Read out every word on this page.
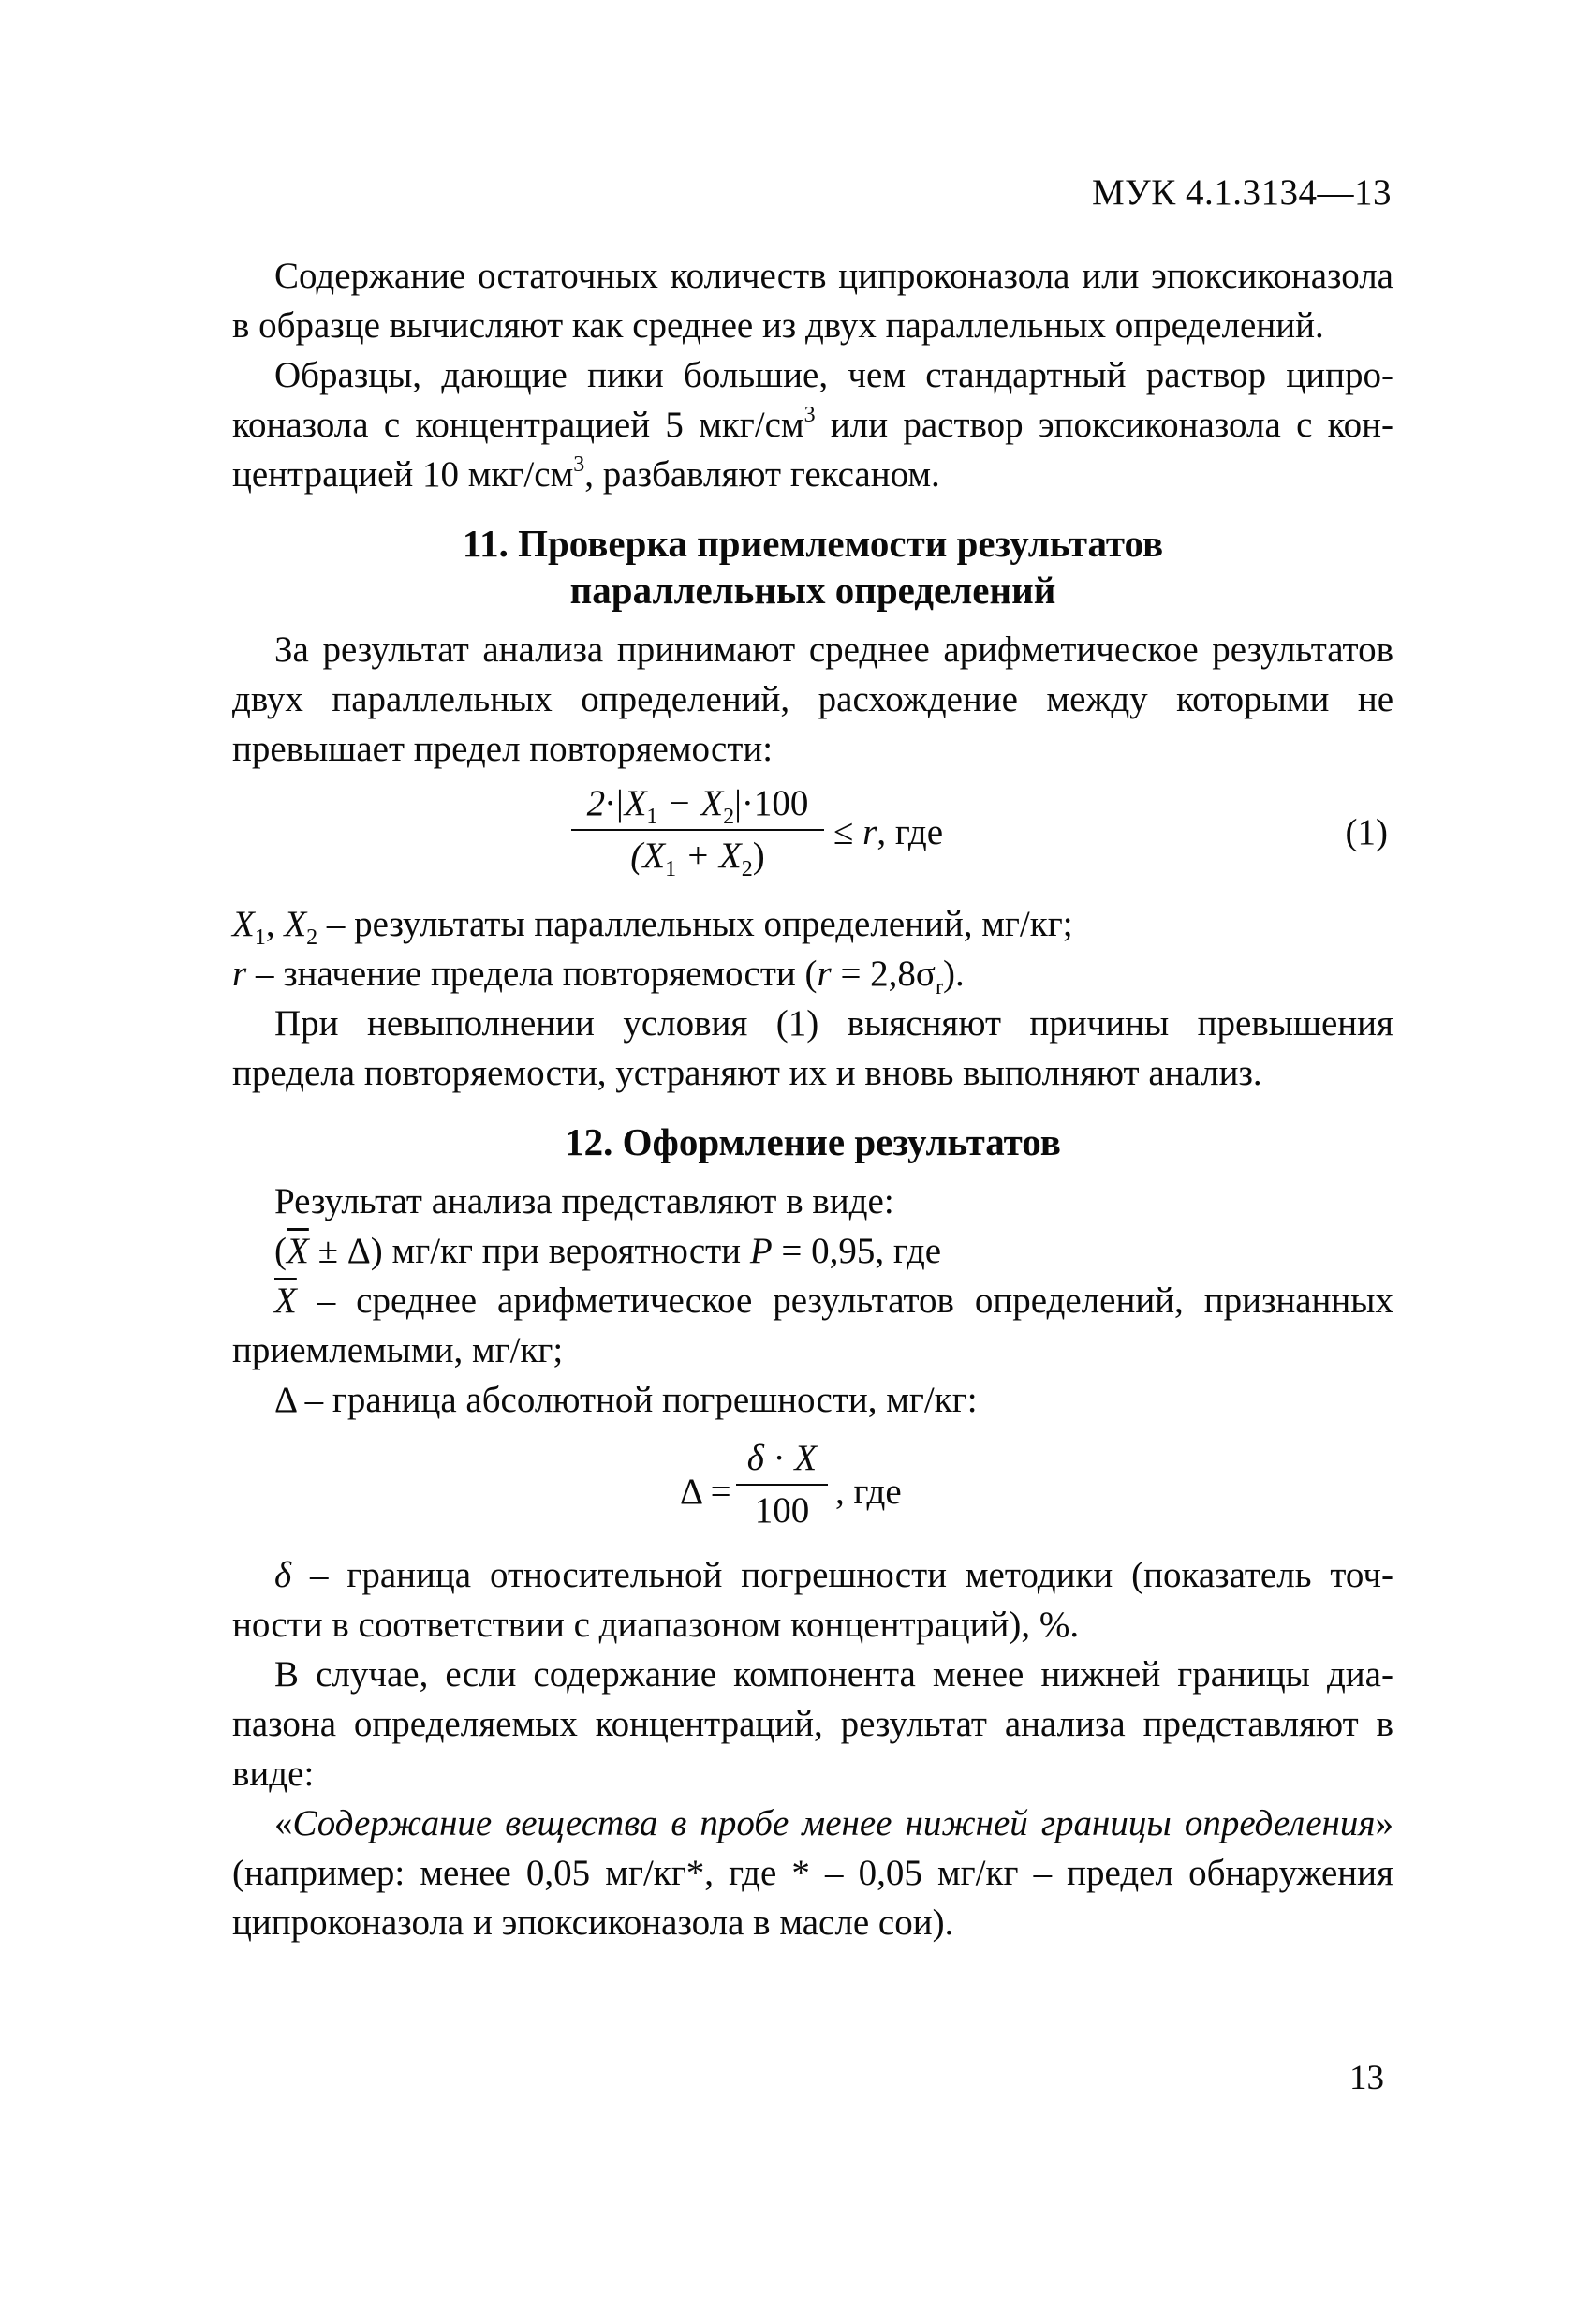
МУК 4.1.3134—13

Содержание остаточных количеств ципроконазола или эпоксиконазола в образце вычисляют как среднее из двух параллельных определений.

Образцы, дающие пики большие, чем стандартный раствор ципроконазола с концентрацией 5 мкг/$см^3$ или раствор эпоксиконазола с концентрацией 10 мкг/$см^3$, разбавляют гексаном.

11. Проверка приемлемости результатов
параллельных определений

За результат анализа принимают среднее арифметическое результатов двух параллельных определений, расхождение между которыми не превышает предел повторяемости:

$2\cdot|X_1 - X_2|\cdot 100$
$(X_1 + X_2)$
≤ r, где	(1)

$X_1$, $X_2$ – результаты параллельных определений, мг/кг;

r – значение предела повторяемости $(r = 2,8\sigma_r)$.

При невыполнении условия (1) выясняют причины превышения предела повторяемости, устраняют их и вновь выполняют анализ.

12. Оформление результатов

Результат анализа представляют в виде:

$(\overline{X} \pm \Delta)$ мг/кг при вероятности P = 0,95, где

$\overline{X}$ – среднее арифметическое результатов определений, признанных приемлемыми, мг/кг;

Δ – граница абсолютной погрешности, мг/кг:

Δ =
δ · X
100 , где

δ – граница относительной погрешности методики (показатель точности в соответствии с диапазоном концентраций), %.

В случае, если содержание компонента менее нижней границы диапазона определяемых концентраций, результат анализа представляют в виде:

«Содержание вещества в пробе менее нижней границы определения» (например: менее 0,05 мг/кг*, где * – 0,05 мг/кг – предел обнаружения ципроконазола и эпоксиконазола в масле сои).

13
